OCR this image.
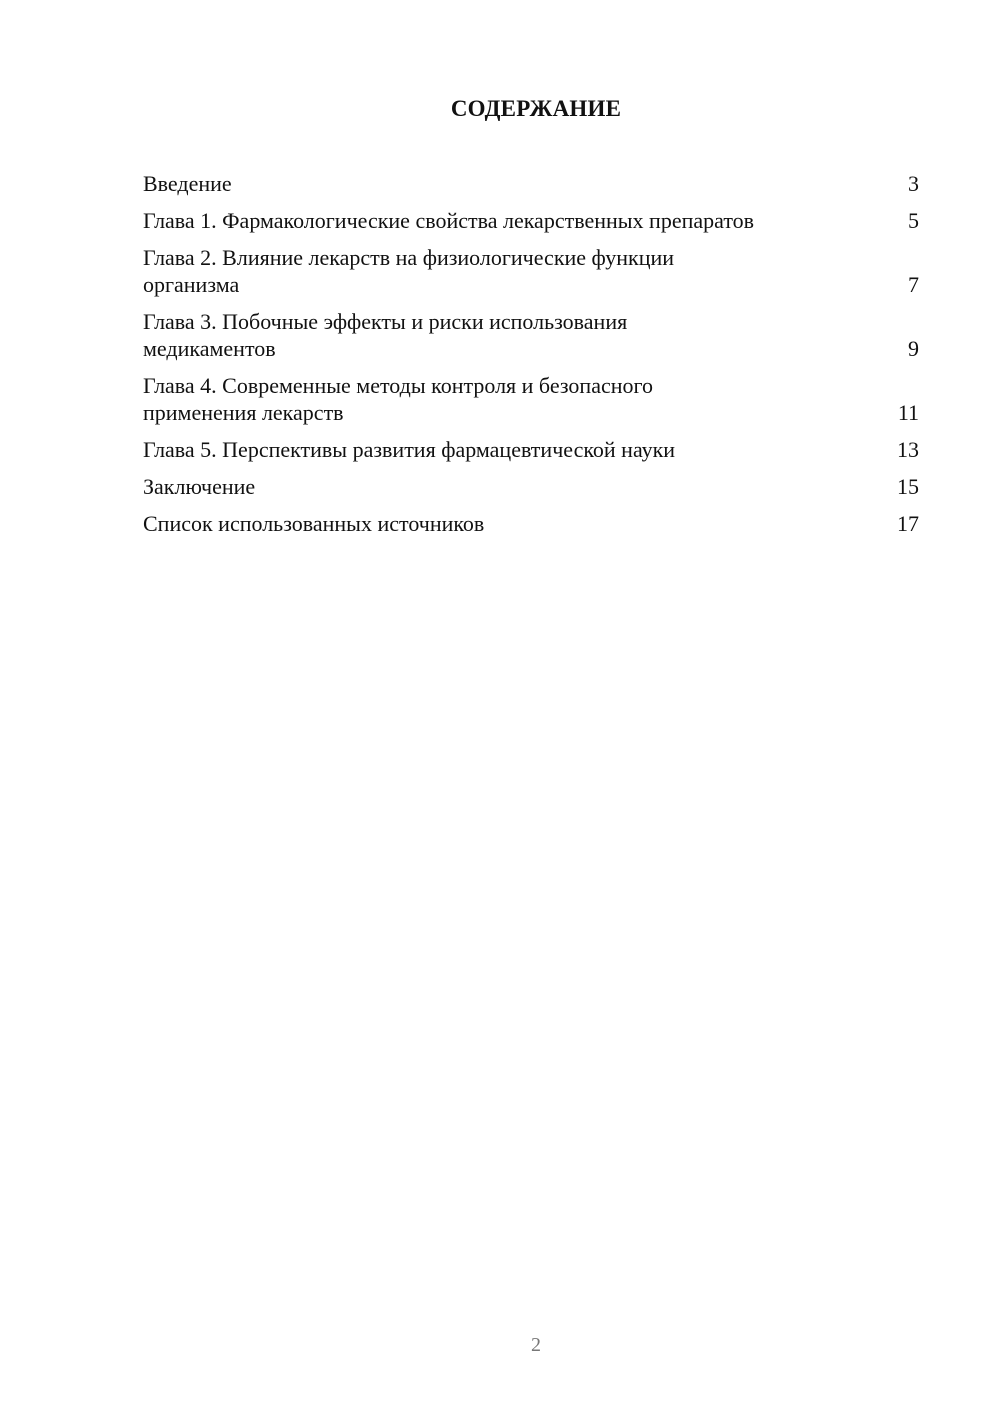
СОДЕРЖАНИЕ
Введение	3
Глава 1. Фармакологические свойства лекарственных препаратов	5
Глава 2. Влияние лекарств на физиологические функции организма	7
Глава 3. Побочные эффекты и риски использования медикаментов	9
Глава 4. Современные методы контроля и безопасного применения лекарств	11
Глава 5. Перспективы развития фармацевтической науки	13
Заключение	15
Список использованных источников	17
2
